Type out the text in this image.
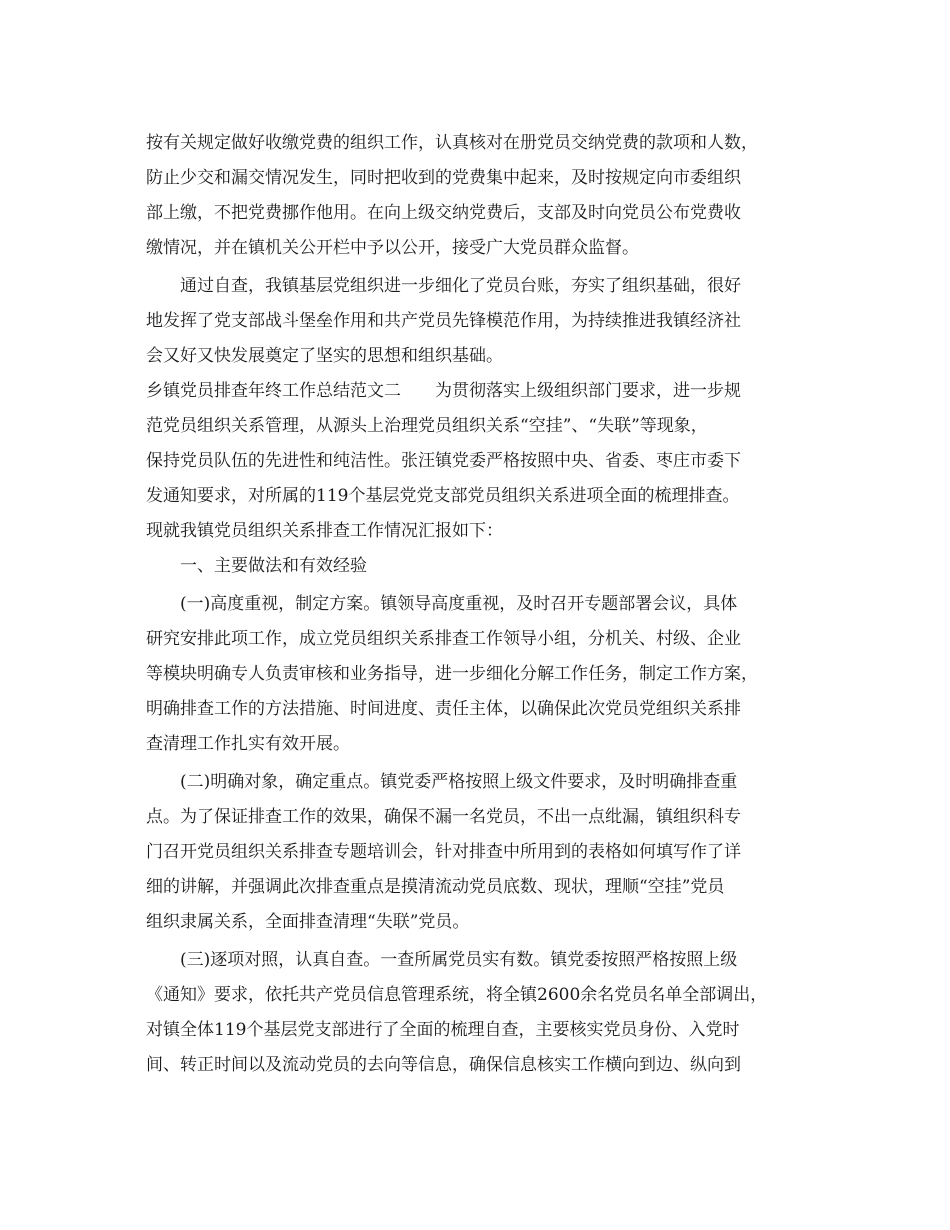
按有关规定做好收缴党费的组织工作，认真核对在册党员交纳党费的款项和人数，
防止少交和漏交情况发生，同时把收到的党费集中起来，及时按规定向市委组织
部上缴，不把党费挪作他用。在向上级交纳党费后，支部及时向党员公布党费收
缴情况，并在镇机关公开栏中予以公开，接受广大党员群众监督。
　　通过自查，我镇基层党组织进一步细化了党员台账，夯实了组织基础，很好
地发挥了党支部战斗堡垒作用和共产党员先锋模范作用，为持续推进我镇经济社
会又好又快发展奠定了坚实的思想和组织基础。
乡镇党员排查年终工作总结范文二　　为贯彻落实上级组织部门要求，进一步规
范党员组织关系管理，从源头上治理党员组织关系“空挂”、“失联”等现象，
保持党员队伍的先进性和纯洁性。张汪镇党委严格按照中央、省委、枣庄市委下
发通知要求，对所属的119个基层党党支部党员组织关系进项全面的梳理排查。
现就我镇党员组织关系排查工作情况汇报如下：
　　一、主要做法和有效经验
　　(一)高度重视，制定方案。镇领导高度重视，及时召开专题部署会议，具体
研究安排此项工作，成立党员组织关系排查工作领导小组，分机关、村级、企业
等模块明确专人负责审核和业务指导，进一步细化分解工作任务，制定工作方案，
明确排查工作的方法措施、时间进度、责任主体，以确保此次党员党组织关系排
查清理工作扎实有效开展。
　　(二)明确对象，确定重点。镇党委严格按照上级文件要求，及时明确排查重
点。为了保证排查工作的效果，确保不漏一名党员，不出一点纰漏，镇组织科专
门召开党员组织关系排查专题培训会，针对排查中所用到的表格如何填写作了详
细的讲解，并强调此次排查重点是摸清流动党员底数、现状，理顺“空挂”党员
组织隶属关系，全面排查清理“失联”党员。
　　(三)逐项对照，认真自查。一查所属党员实有数。镇党委按照严格按照上级
《通知》要求，依托共产党员信息管理系统，将全镇2600余名党员名单全部调出，
对镇全体119个基层党支部进行了全面的梳理自查，主要核实党员身份、入党时
间、转正时间以及流动党员的去向等信息，确保信息核实工作横向到边、纵向到
